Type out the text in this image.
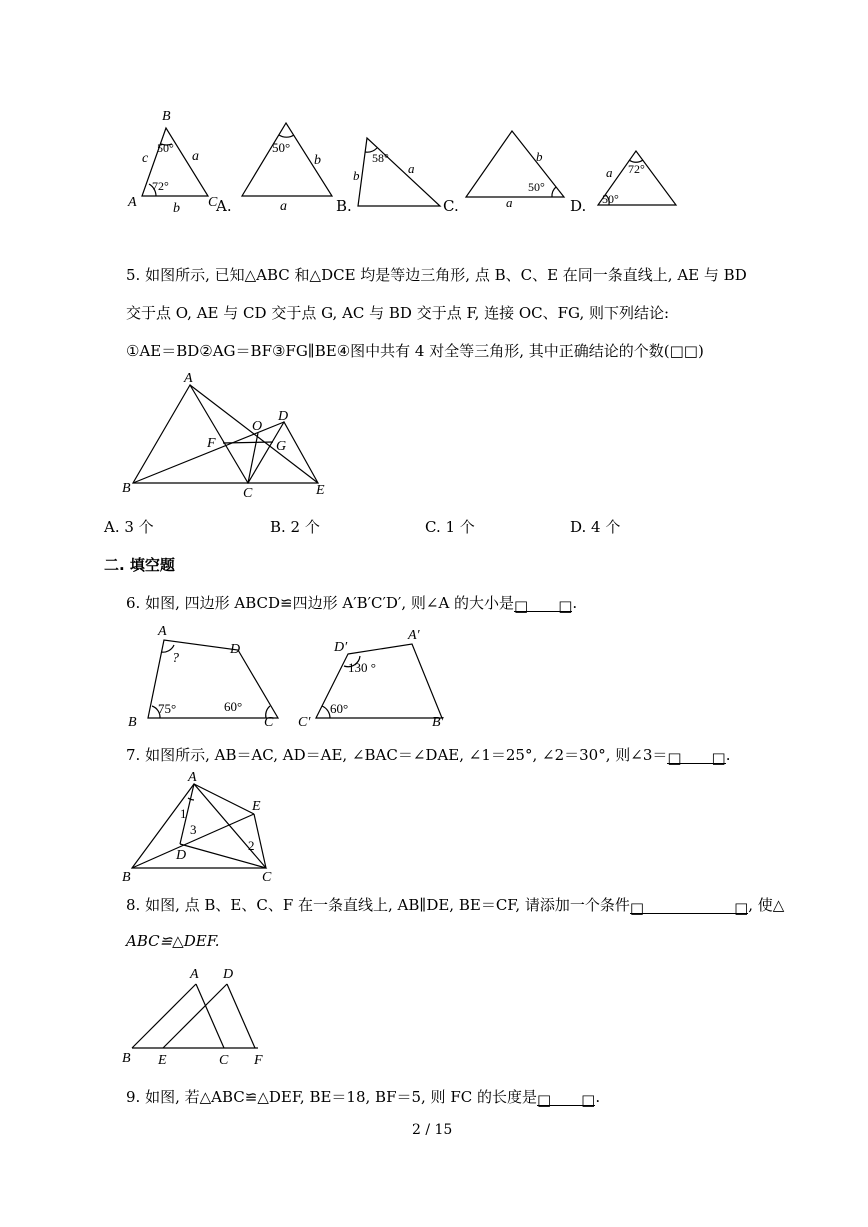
B
A	C
50°
72°
c	a
b A.
50°
b
a	B.
58°
b	a
C.
b
50°
a	D.
72°
a
50°
5. 如图所示, 已知△ABC 和△DCE 均是等边三角形, 点 B、C、E 在同一条直线上, AE 与 BD
交于点 O, AE 与 CD 交于点 G, AC 与 BD 交于点 F, 连接 OC、FG, 则下列结论:
①AE＝BD②AG＝BF③FG∥BE④图中共有 4 对全等三角形, 其中正确结论的个数(□□)
A
B	C
D
E
F	G
O
A. 3 个	B. 2 个	C. 1 个	D. 4 个
二. 填空题
6. 如图, 四边形 ABCD≌四边形 A′B′C′D′, 则∠A 的大小是□　　□.
A
D
B	C
?
75°	60°
D′
A′
C′	B′
130 °
60°
7. 如图所示, AB＝AC, AD＝AE, ∠BAC＝∠DAE, ∠1＝25°, ∠2＝30°, 则∠3＝□　　□.
A
B	C
D
E
1
2
3
8. 如图, 点 B、E、C、F 在一条直线上, AB∥DE, BE＝CF, 请添加一个条件□　　　　　　□, 使△
ABC≌△DEF.
A D
B E	C F
9. 如图, 若△ABC≌△DEF, BE＝18, BF＝5, 则 FC 的长度是□　　□.
2 / 15
